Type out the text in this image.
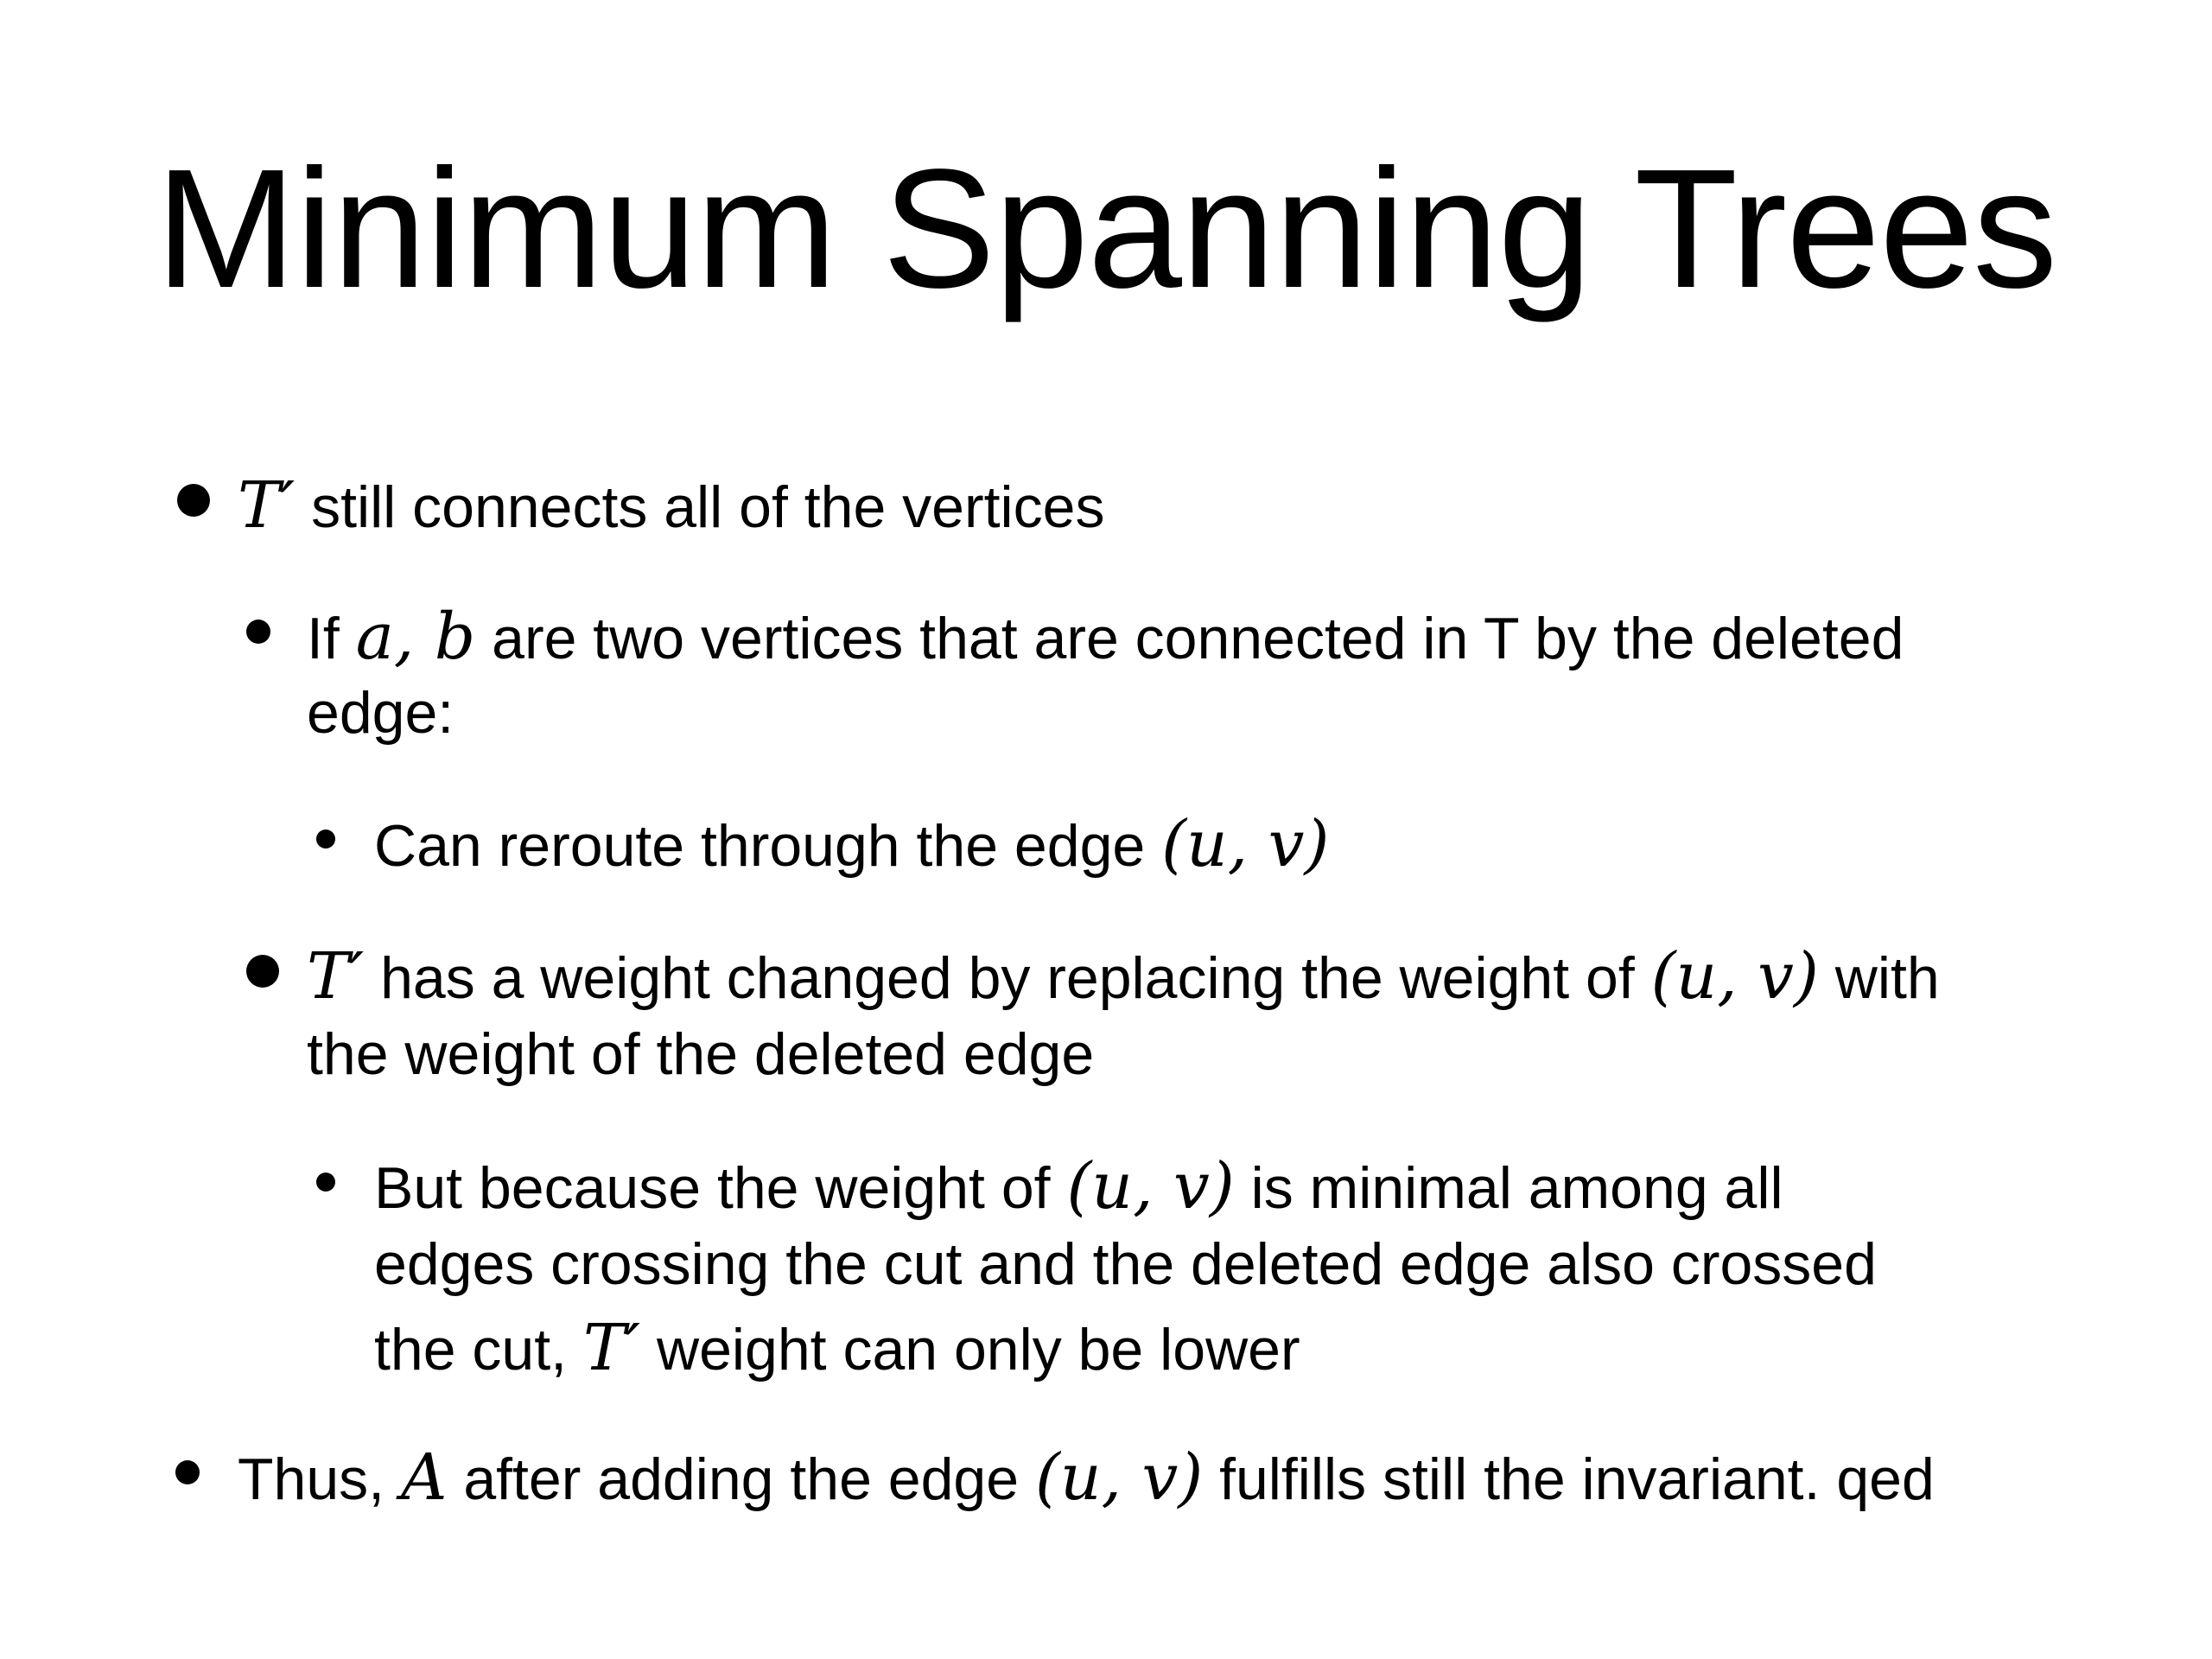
Minimum Spanning Trees
T′ still connects all of the vertices
If a, b are two vertices that are connected in T by the deleted
edge:
Can reroute through the edge (u, v)
T′ has a weight changed by replacing the weight of (u, v) with
the weight of the deleted edge
But because the weight of (u, v) is minimal among all
edges crossing the cut and the deleted edge also crossed
the cut, T′ weight can only be lower
Thus, A after adding the edge (u, v) fulfills still the invariant. qed
